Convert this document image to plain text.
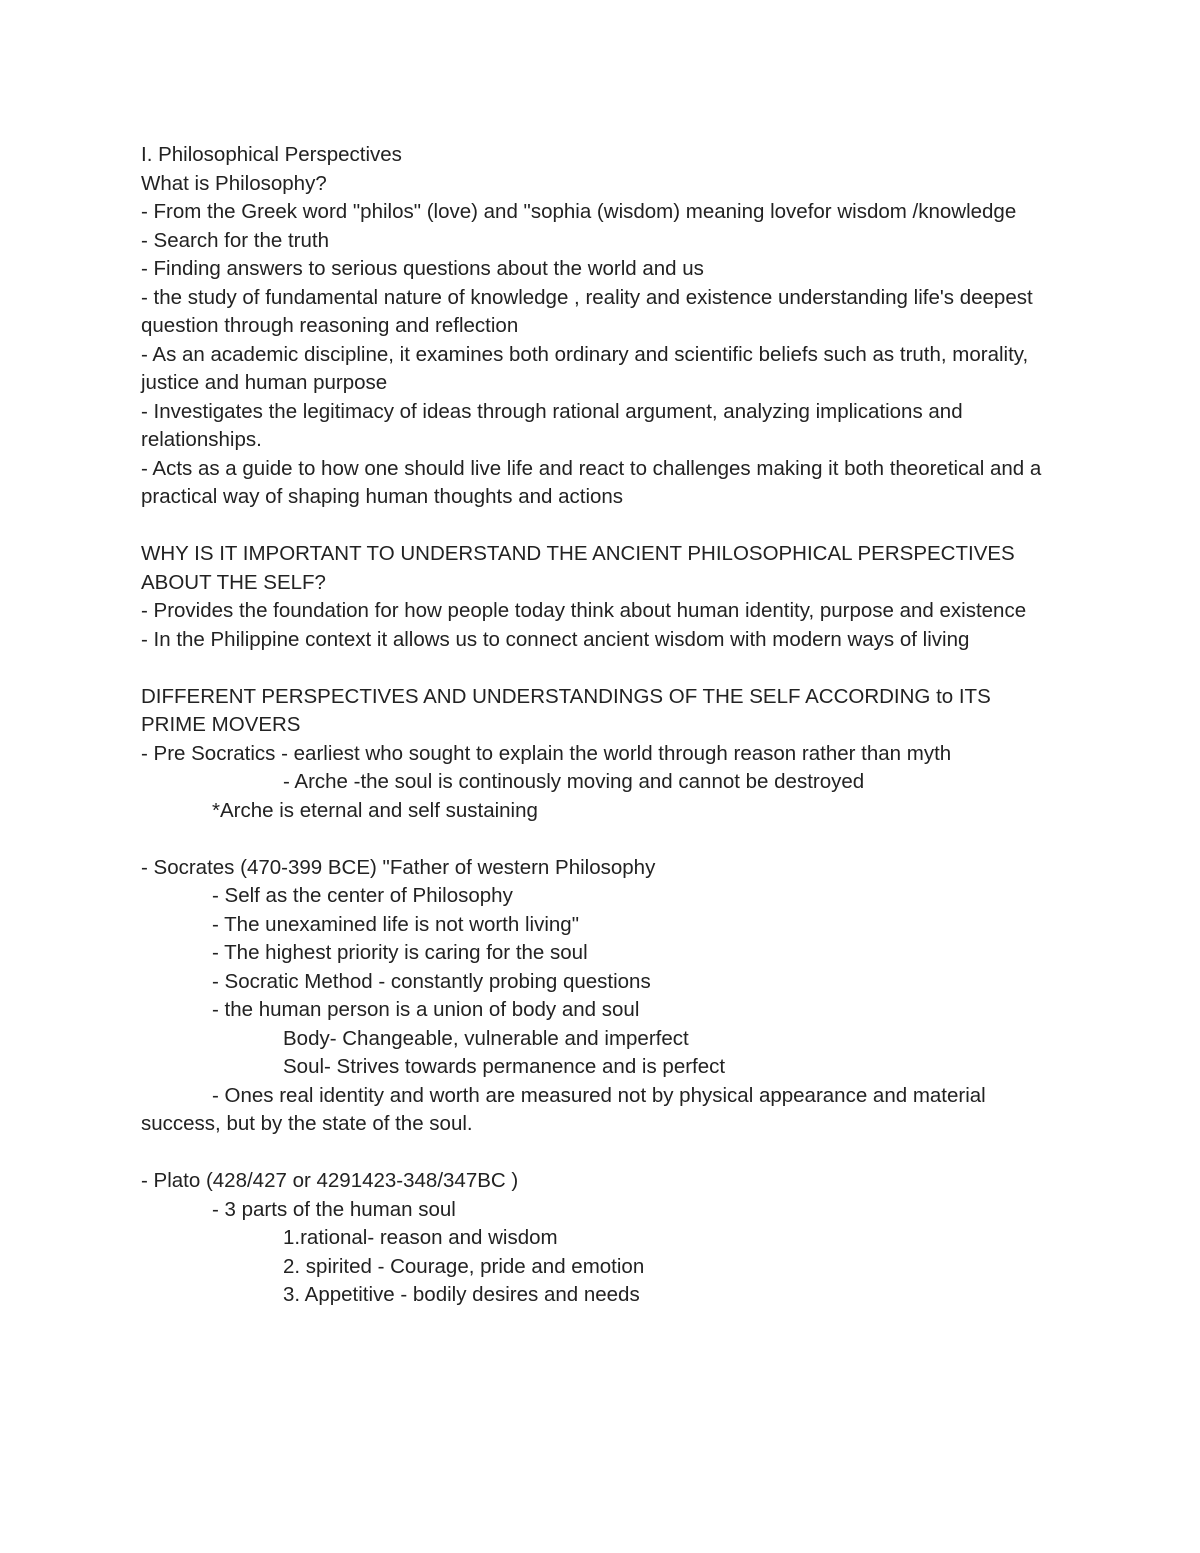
I. Philosophical Perspectives

What is Philosophy?

- From the Greek word "philos" (love) and "sophia (wisdom) meaning lovefor wisdom /knowledge

- Search for the truth

- Finding answers to serious questions about the world and us

- the study of fundamental nature of knowledge , reality and existence understanding life's deepest question through reasoning and reflection

- As an academic discipline, it examines both ordinary and scientific beliefs such as truth, morality, justice and human purpose

- Investigates the legitimacy of ideas through rational argument, analyzing implications and relationships.

- Acts as a guide to how one should live life and react to challenges making it both theoretical and a practical way of shaping human thoughts and actions

WHY IS IT IMPORTANT TO UNDERSTAND THE ANCIENT PHILOSOPHICAL PERSPECTIVES ABOUT THE SELF?

- Provides the foundation for how people today think about human identity, purpose and existence

- In the Philippine context it allows us to connect ancient wisdom with modern ways of living

DIFFERENT PERSPECTIVES AND UNDERSTANDINGS OF THE SELF ACCORDING to ITS PRIME MOVERS

- Pre Socratics - earliest who sought to explain the world through reason rather than myth

- Arche -the soul is continously moving and cannot be destroyed

*Arche is eternal and self sustaining

- Socrates (470-399 BCE) "Father of western Philosophy

- Self as the center of Philosophy

- The unexamined life is not worth living"

- The highest priority is caring for the soul

- Socratic Method - constantly probing questions

- the human person is a union of body and soul

Body- Changeable, vulnerable and imperfect

Soul- Strives towards permanence and is perfect

- Ones real identity and worth are measured not by physical appearance and material success, but by the state of the soul.

- Plato (428/427 or 4291423-348/347BC )

- 3 parts of the human soul

1.rational- reason and wisdom

2. spirited - Courage, pride and emotion

3. Appetitive - bodily desires and needs
